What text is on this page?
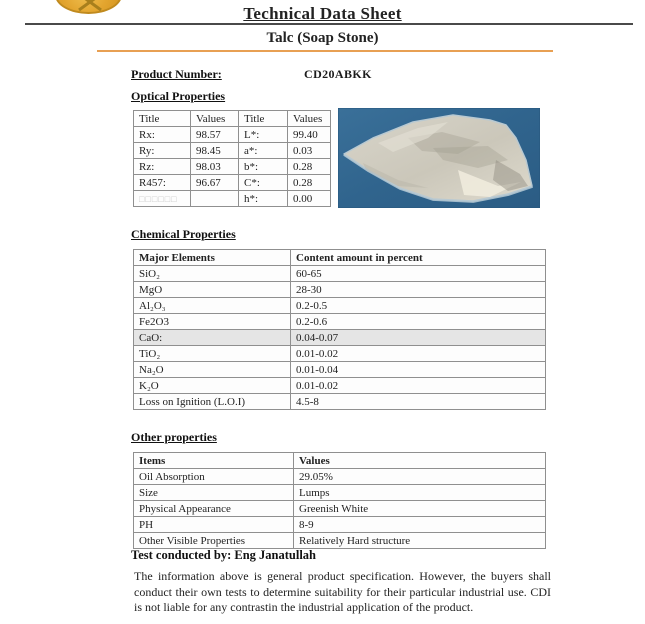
Technical Data Sheet
Talc (Soap Stone)
Product Number:	CD20ABKK
Optical Properties
Title	Values	Title	Values
Rx:	98.57	L*:	99.40
Ry:	98.45	a*:	0.03
Rz:	98.03	b*:	0.28
R457:	96.67	C*:	0.28
□□□□□□		h*:	0.00
Chemical Properties
Major Elements	Content amount in percent
SiO₂	60-65
MgO	28-30
Al₂O₃	0.2-0.5
Fe2O3	0.2-0.6
CaO:	0.04-0.07
TiO₂	0.01-0.02
Na₂O	0.01-0.04
K₂O	0.01-0.02
Loss on Ignition (L.O.I)	4.5-8
Other properties
Items	Values
Oil Absorption	29.05%
Size	Lumps
Physical Appearance	Greenish White
PH	8-9
Other Visible Properties	Relatively Hard structure
Test conducted by: Eng Janatullah
The information above is general product specification. However, the buyers shall conduct their own tests to determine suitability for their particular industrial use. CDI is not liable for any contrastin the industrial application of the product.
